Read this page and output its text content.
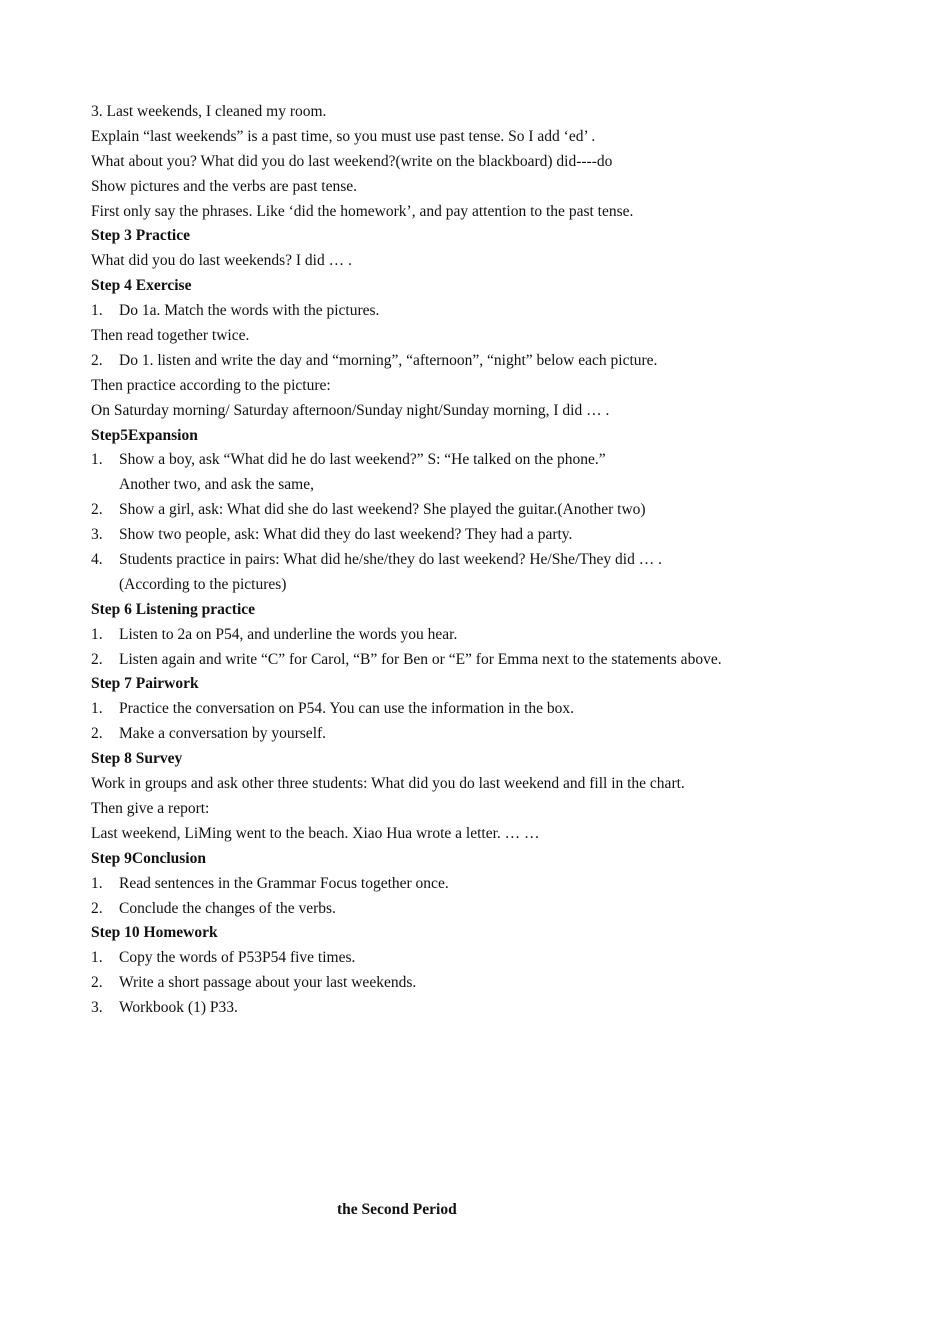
3. Last weekends, I cleaned my room.
Explain “last weekends” is a past time, so you must use past tense. So I add ‘ed’ .
What about you? What did you do last weekend?(write on the blackboard) did----do
Show pictures and the verbs are past tense.
First only say the phrases. Like ‘did the homework’, and pay attention to the past tense.
Step 3 Practice
What did you do last weekends? I did … .
Step 4 Exercise
1. Do 1a. Match the words with the pictures.
Then read together twice.
2. Do 1. listen and write the day and “morning”, “afternoon”, “night” below each picture.
Then practice according to the picture:
On Saturday morning/ Saturday afternoon/Sunday night/Sunday morning, I did … .
Step5Expansion
1. Show a boy, ask “What did he do last weekend?” S: “He talked on the phone.”
Another two, and ask the same,
2. Show a girl, ask: What did she do last weekend? She played the guitar.(Another two)
3. Show two people, ask: What did they do last weekend? They had a party.
4. Students practice in pairs: What did he/she/they do last weekend? He/She/They did … .
(According to the pictures)
Step 6 Listening practice
1. Listen to 2a on P54, and underline the words you hear.
2. Listen again and write “C” for Carol, “B” for Ben or “E” for Emma next to the statements above.
Step 7 Pairwork
1. Practice the conversation on P54. You can use the information in the box.
2. Make a conversation by yourself.
Step 8 Survey
Work in groups and ask other three students: What did you do last weekend and fill in the chart.
Then give a report:
Last weekend, LiMing went to the beach. Xiao Hua wrote a letter. … …
Step 9Conclusion
1. Read sentences in the Grammar Focus together once.
2. Conclude the changes of the verbs.
Step 10 Homework
1. Copy the words of P53P54 five times.
2. Write a short passage about your last weekends.
3. Workbook (1) P33.
the Second Period
